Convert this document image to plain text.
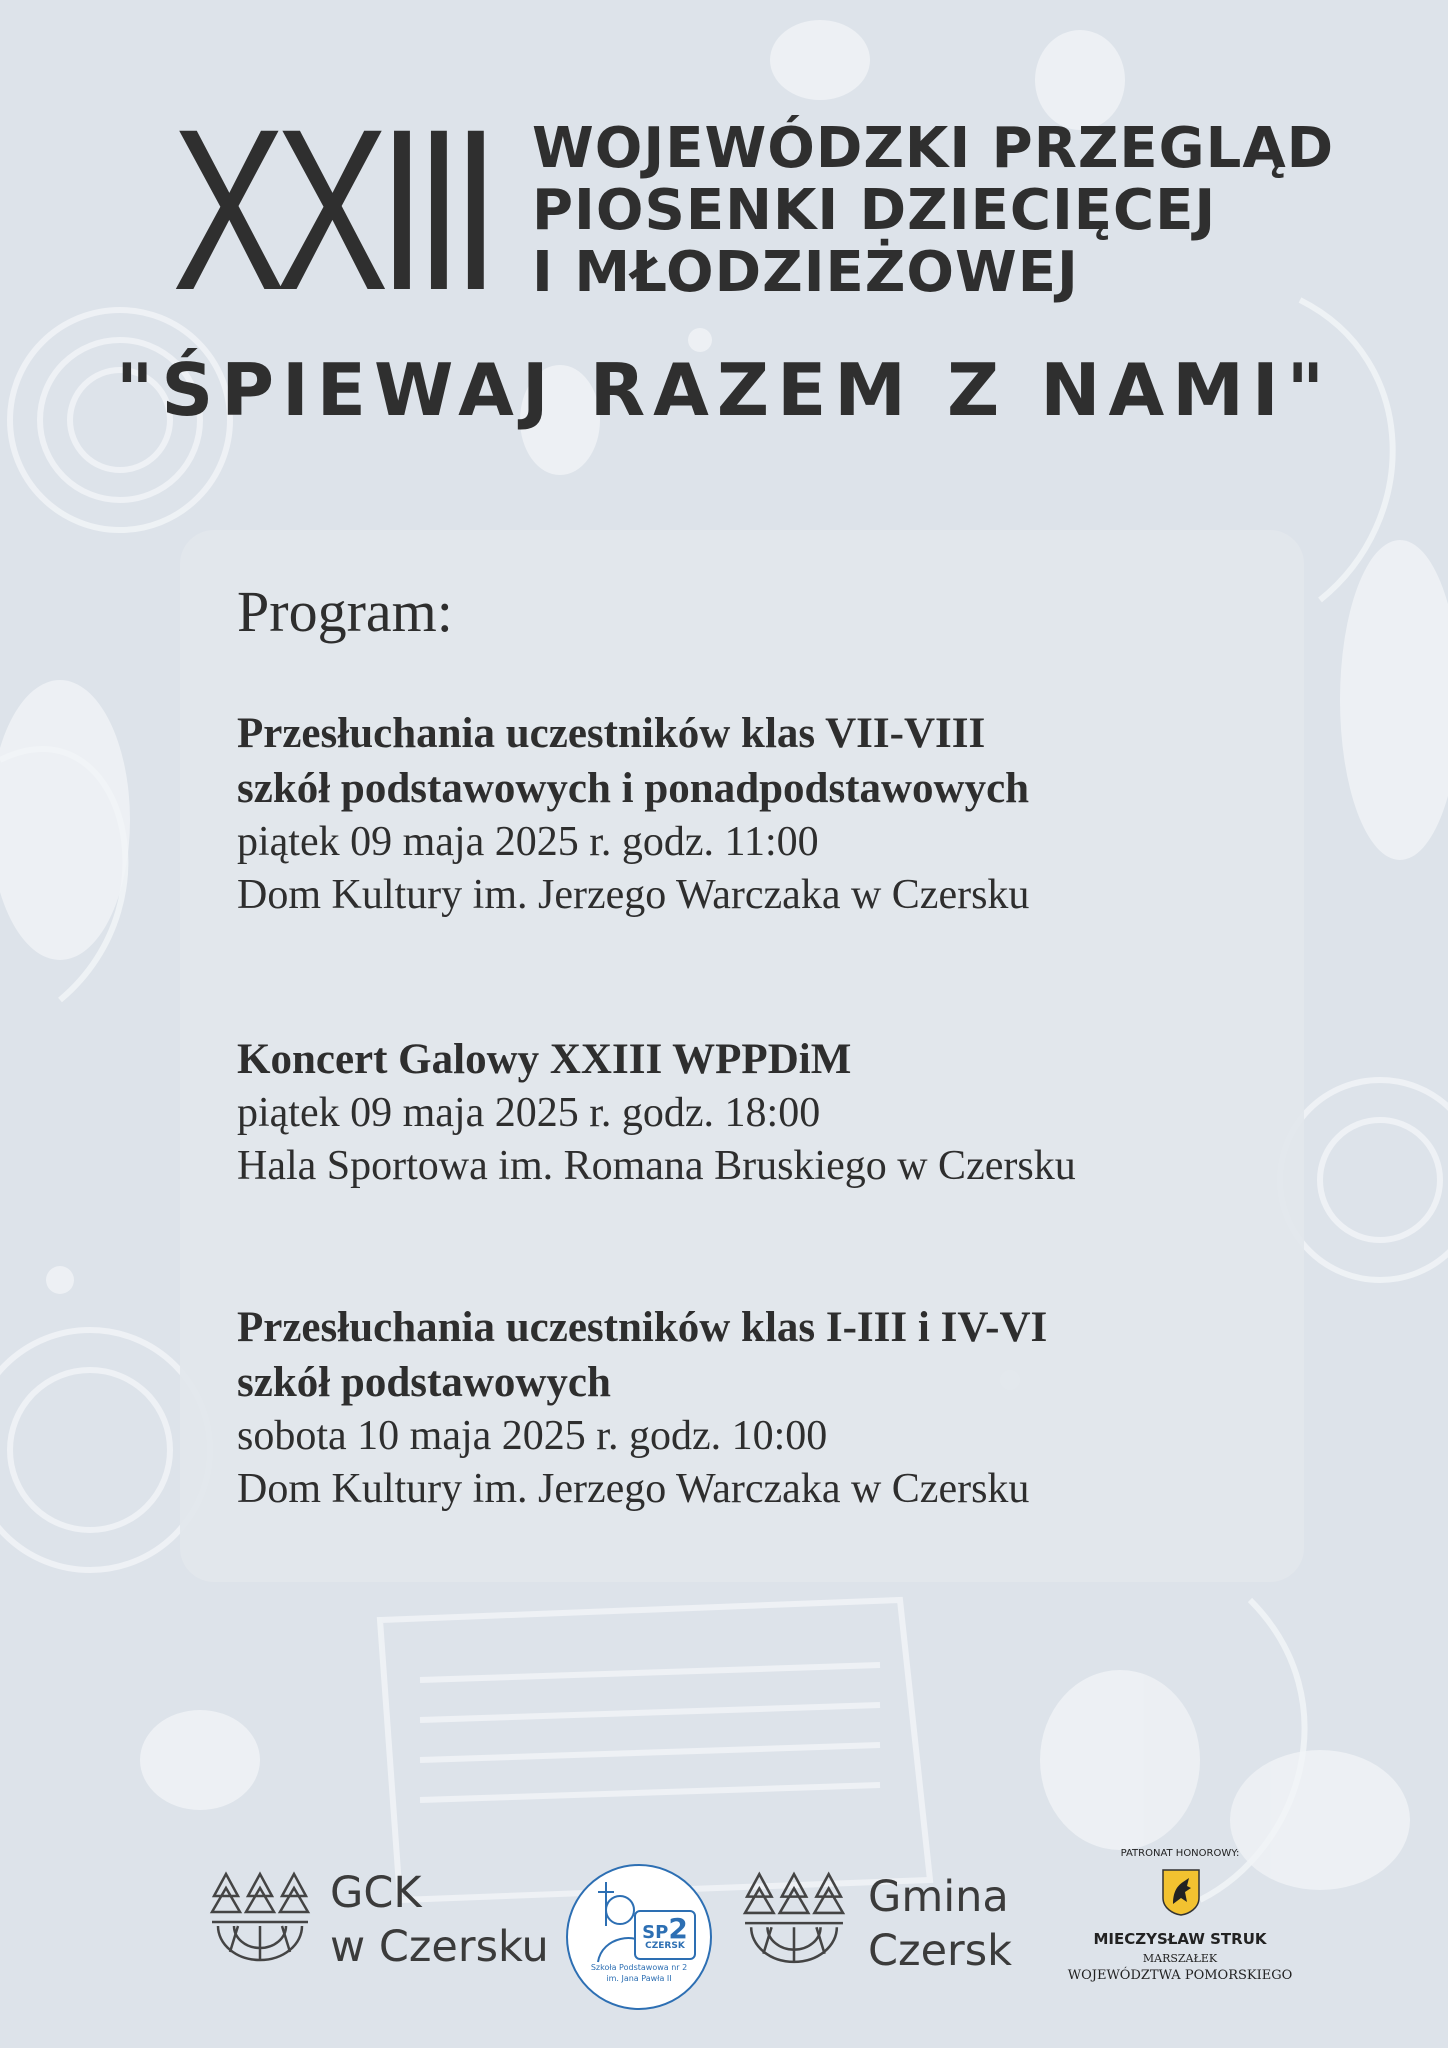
XXIII WOJEWÓDZKI PRZEGLĄD
PIOSENKI DZIECIĘCEJ
I MŁODZIEŻOWEJ
"ŚPIEWAJ RAZEM Z NAMI"
Program:
Przesłuchania uczestników klas VII-VIII
szkół podstawowych i ponadpodstawowych
piątek 09 maja 2025 r. godz. 11:00
Dom Kultury im. Jerzego Warczaka w Czersku
Koncert Galowy XXIII WPPDiM
piątek 09 maja 2025 r. godz. 18:00
Hala Sportowa im. Romana Bruskiego w Czersku
Przesłuchania uczestników klas I-III i IV-VI
szkół podstawowych
sobota 10 maja 2025 r. godz. 10:00
Dom Kultury im. Jerzego Warczaka w Czersku
GCK
w Czersku	SP2
CZERSK
Szkoła Podstawowa nr 2
im. Jana Pawła II
Gmina
Czersk
PATRONAT HONOROWY:
MIECZYSŁAW STRUK
MARSZAŁEK
WOJEWÓDZTWA POMORSKIEGO
